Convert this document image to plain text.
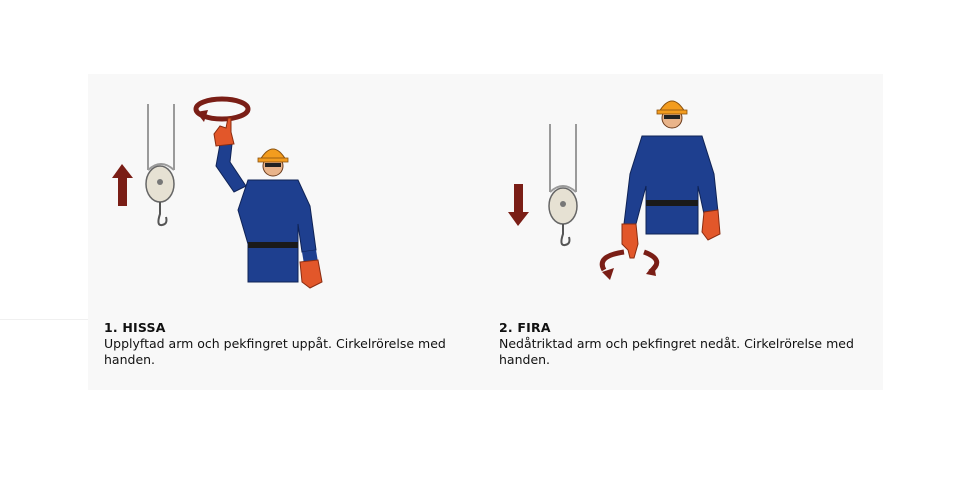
1. HISSA
Upplyftad arm och pekfingret uppåt. Cirkelrörelse med handen.
2. FIRA
Nedåtriktad arm och pekfingret nedåt. Cirkelrörelse med handen.
